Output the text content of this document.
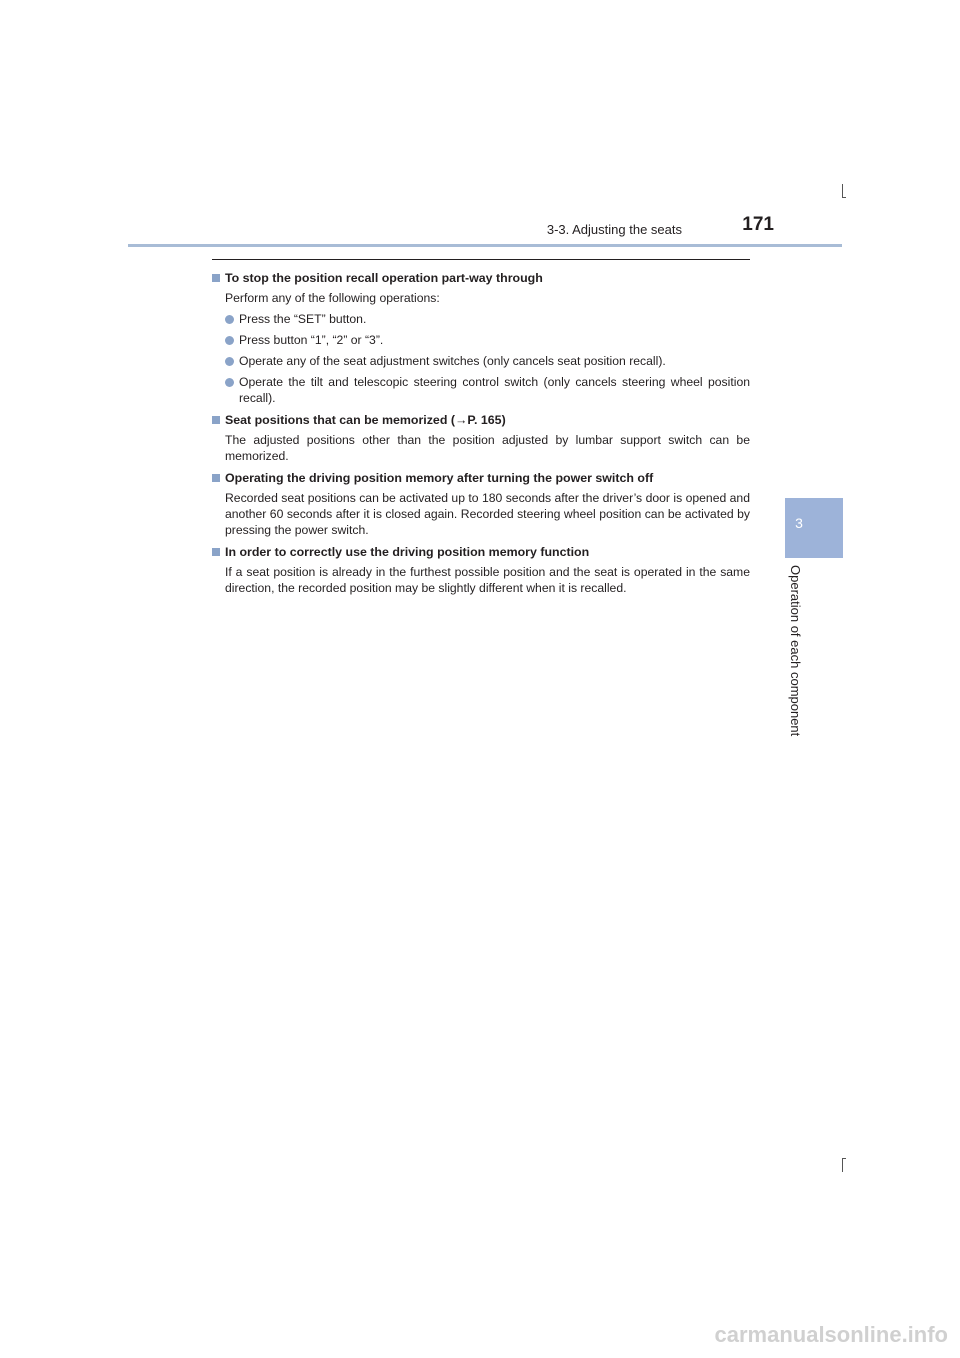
3-3. Adjusting the seats	171
3
Operation of each component

To stop the position recall operation part-way through

Perform any of the following operations:
Press the “SET” button.
Press button “1”, “2” or “3”.
Operate any of the seat adjustment switches (only cancels seat position recall).
Operate the tilt and telescopic steering control switch (only cancels steering wheel position recall).

Seat positions that can be memorized (→P. 165)

The adjusted positions other than the position adjusted by lumbar support switch can be memorized.

Operating the driving position memory after turning the power switch off

Recorded seat positions can be activated up to 180 seconds after the driver’s door is opened and another 60 seconds after it is closed again. Recorded steering wheel position can be activated by pressing the power switch.

In order to correctly use the driving position memory function

If a seat position is already in the furthest possible position and the seat is operated in the same direction, the recorded position may be slightly different when it is recalled.
carmanualsonline.info
